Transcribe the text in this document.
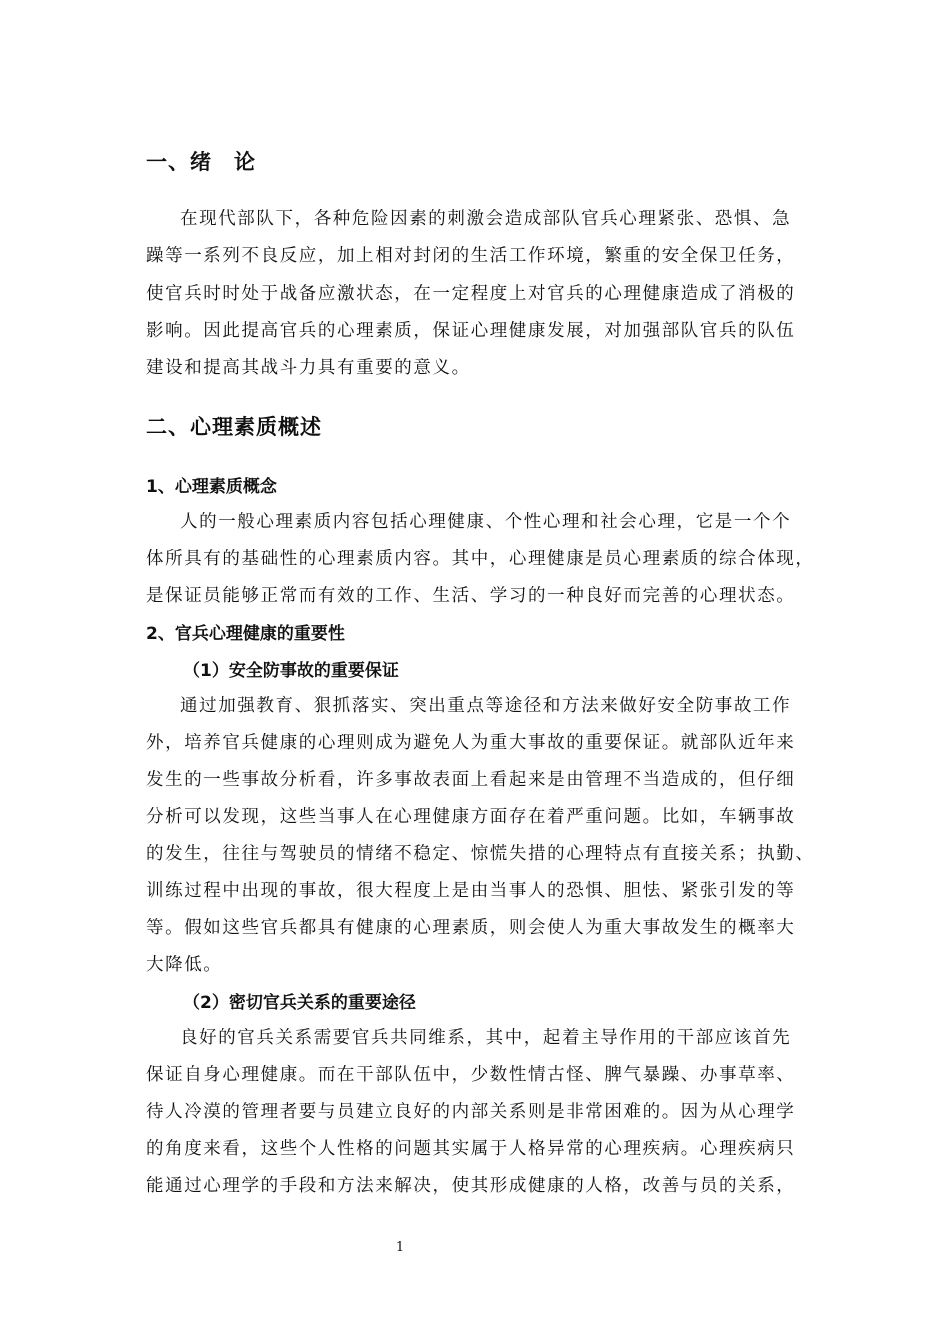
一、绪　论
在现代部队下，各种危险因素的刺激会造成部队官兵心理紧张、恐惧、急
躁等一系列不良反应，加上相对封闭的生活工作环境，繁重的安全保卫任务，
使官兵时时处于战备应激状态，在一定程度上对官兵的心理健康造成了消极的
影响。因此提高官兵的心理素质，保证心理健康发展，对加强部队官兵的队伍
建设和提高其战斗力具有重要的意义。
二、心理素质概述
1、心理素质概念
人的一般心理素质内容包括心理健康、个性心理和社会心理，它是一个个
体所具有的基础性的心理素质内容。其中，心理健康是员心理素质的综合体现，
是保证员能够正常而有效的工作、生活、学习的一种良好而完善的心理状态。
2、官兵心理健康的重要性
（1）安全防事故的重要保证
通过加强教育、狠抓落实、突出重点等途径和方法来做好安全防事故工作
外，培养官兵健康的心理则成为避免人为重大事故的重要保证。就部队近年来
发生的一些事故分析看，许多事故表面上看起来是由管理不当造成的，但仔细
分析可以发现，这些当事人在心理健康方面存在着严重问题。比如，车辆事故
的发生，往往与驾驶员的情绪不稳定、惊慌失措的心理特点有直接关系；执勤、
训练过程中出现的事故，很大程度上是由当事人的恐惧、胆怯、紧张引发的等
等。假如这些官兵都具有健康的心理素质，则会使人为重大事故发生的概率大
大降低。
（2）密切官兵关系的重要途径
良好的官兵关系需要官兵共同维系，其中，起着主导作用的干部应该首先
保证自身心理健康。而在干部队伍中，少数性情古怪、脾气暴躁、办事草率、
待人冷漠的管理者要与员建立良好的内部关系则是非常困难的。因为从心理学
的角度来看，这些个人性格的问题其实属于人格异常的心理疾病。心理疾病只
能通过心理学的手段和方法来解决，使其形成健康的人格，改善与员的关系，
1
